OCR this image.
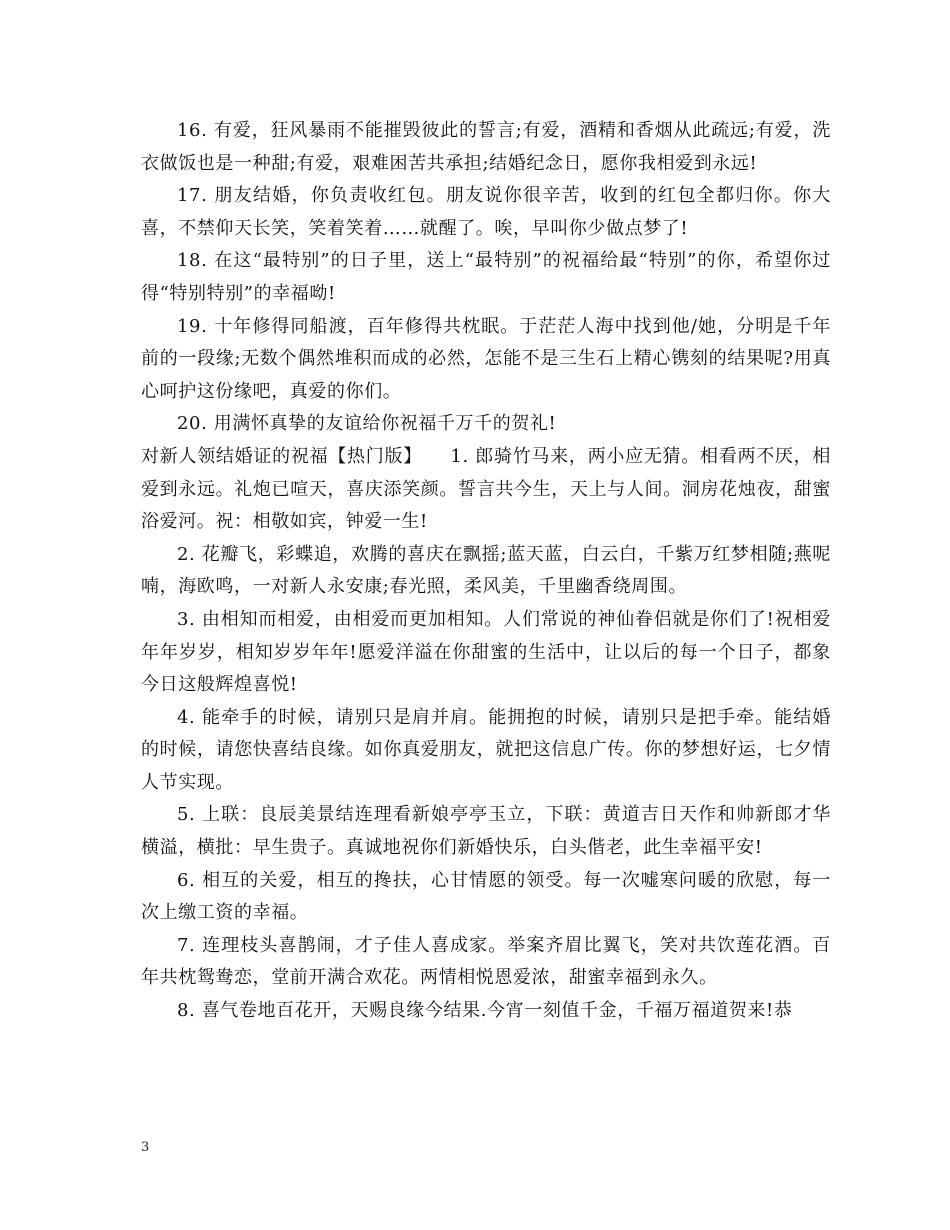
16. 有爱，狂风暴雨不能摧毁彼此的誓言;有爱，酒精和香烟从此疏远;有爱，洗衣做饭也是一种甜;有爱，艰难困苦共承担;结婚纪念日，愿你我相爱到永远!

17. 朋友结婚，你负责收红包。朋友说你很辛苦，收到的红包全都归你。你大喜，不禁仰天长笑，笑着笑着……就醒了。唉，早叫你少做点梦了!

18. 在这“最特别”的日子里，送上“最特别”的祝福给最“特别”的你，希望你过得“特别特别”的幸福呦!

19. 十年修得同船渡，百年修得共枕眠。于茫茫人海中找到他/她，分明是千年前的一段缘;无数个偶然堆积而成的必然，怎能不是三生石上精心镌刻的结果呢?用真心呵护这份缘吧，真爱的你们。

20. 用满怀真挚的友谊给你祝福千万千的贺礼!

对新人领结婚证的祝福【热门版】　　1. 郎骑竹马来，两小应无猜。相看两不厌，相爱到永远。礼炮已喧天，喜庆添笑颜。誓言共今生，天上与人间。洞房花烛夜，甜蜜浴爱河。祝：相敬如宾，钟爱一生!

2. 花瓣飞，彩蝶追，欢腾的喜庆在飘摇;蓝天蓝，白云白，千紫万红梦相随;燕呢喃，海欧鸣，一对新人永安康;春光照，柔风美，千里幽香绕周围。

3. 由相知而相爱，由相爱而更加相知。人们常说的神仙眷侣就是你们了!祝相爱年年岁岁，相知岁岁年年!愿爱洋溢在你甜蜜的生活中，让以后的每一个日子，都象今日这般辉煌喜悦!

4. 能牵手的时候，请别只是肩并肩。能拥抱的时候，请别只是把手牵。能结婚的时候，请您快喜结良缘。如你真爱朋友，就把这信息广传。你的梦想好运，七夕情人节实现。

5. 上联：良辰美景结连理看新娘亭亭玉立，下联：黄道吉日天作和帅新郎才华横溢，横批：早生贵子。真诚地祝你们新婚快乐，白头偕老，此生幸福平安!

6. 相互的关爱，相互的搀扶，心甘情愿的领受。每一次嘘寒问暖的欣慰，每一次上缴工资的幸福。

7. 连理枝头喜鹊闹，才子佳人喜成家。举案齐眉比翼飞，笑对共饮莲花酒。百年共枕鸳鸯恋，堂前开满合欢花。两情相悦恩爱浓，甜蜜幸福到永久。

8. 喜气卷地百花开，天赐良缘今结果.今宵一刻值千金，千福万福道贺来!恭

3
